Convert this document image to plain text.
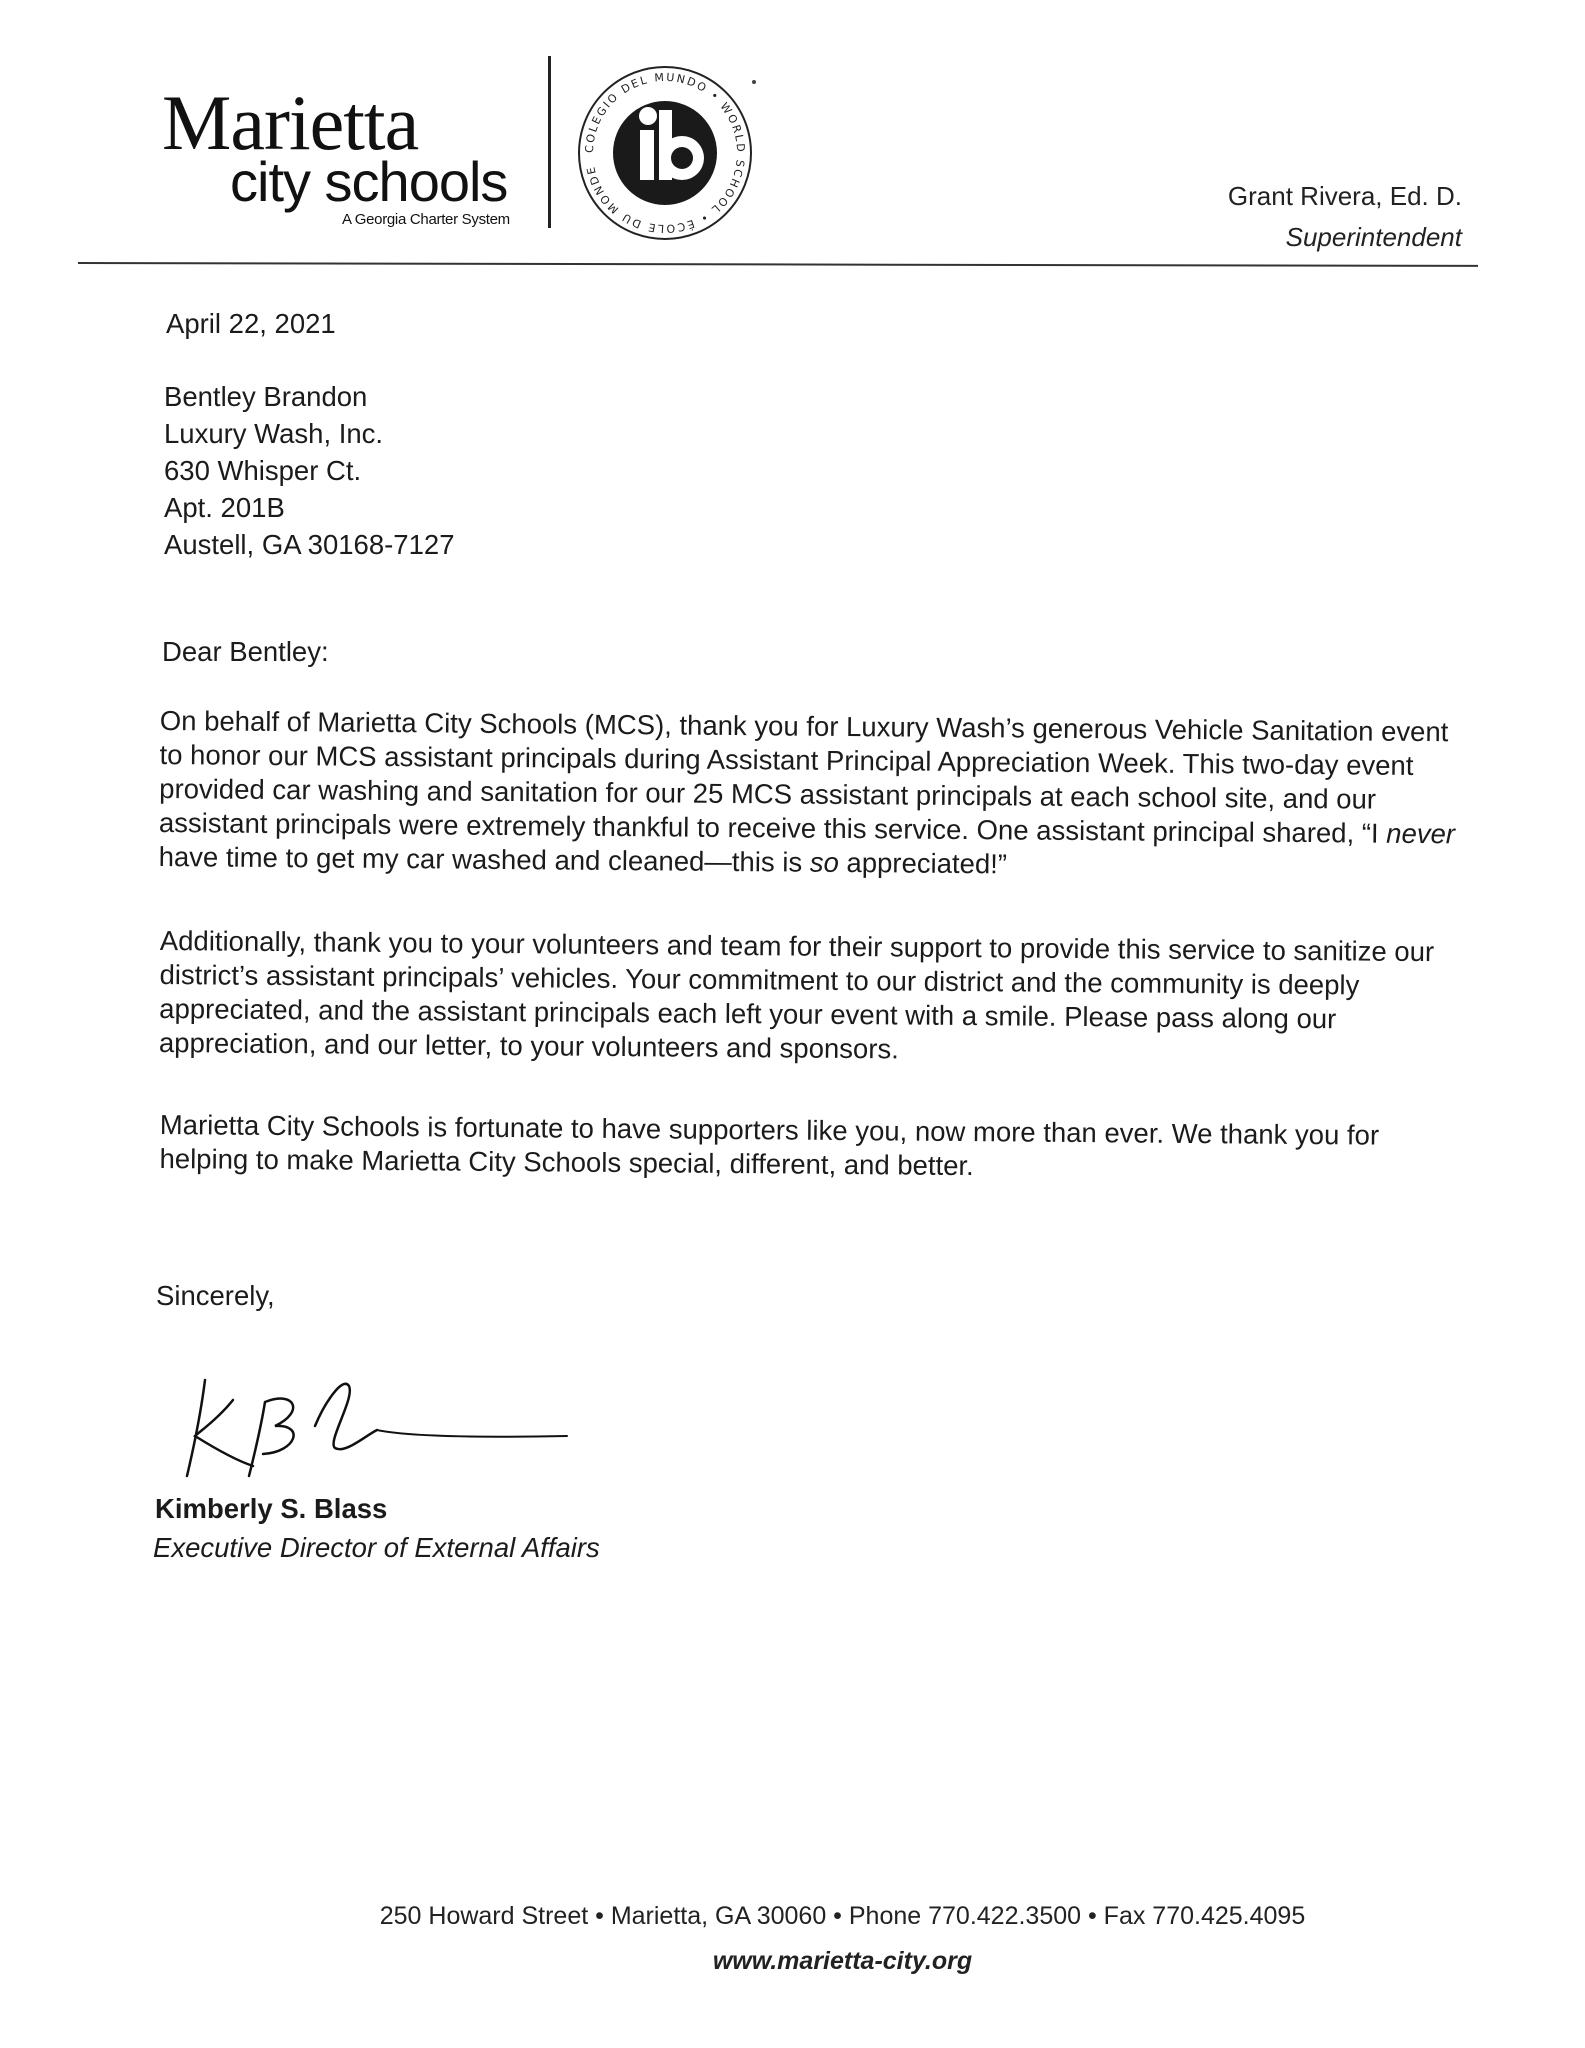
Marietta
city schools
A Georgia Charter System
COLEGIO DEL MUNDO • WORLD SCHOOL • ÉCOLE DU MONDE
Grant Rivera, Ed. D.
Superintendent
April 22, 2021
Bentley Brandon
Luxury Wash, Inc.
630 Whisper Ct.
Apt. 201B
Austell, GA 30168-7127
Dear Bentley:
On behalf of Marietta City Schools (MCS), thank you for Luxury Wash’s generous Vehicle Sanitation event to honor our MCS assistant principals during Assistant Principal Appreciation Week. This two-day event provided car washing and sanitation for our 25 MCS assistant principals at each school site, and our assistant principals were extremely thankful to receive this service. One assistant principal shared, “I never have time to get my car washed and cleaned—this is so appreciated!”
Additionally, thank you to your volunteers and team for their support to provide this service to sanitize our district’s assistant principals’ vehicles. Your commitment to our district and the community is deeply appreciated, and the assistant principals each left your event with a smile. Please pass along our appreciation, and our letter, to your volunteers and sponsors.
Marietta City Schools is fortunate to have supporters like you, now more than ever. We thank you for helping to make Marietta City Schools special, different, and better.
Sincerely,
Kimberly S. Blass
Executive Director of External Affairs
250 Howard Street • Marietta, GA 30060 • Phone 770.422.3500 • Fax 770.425.4095
www.marietta-city.org
